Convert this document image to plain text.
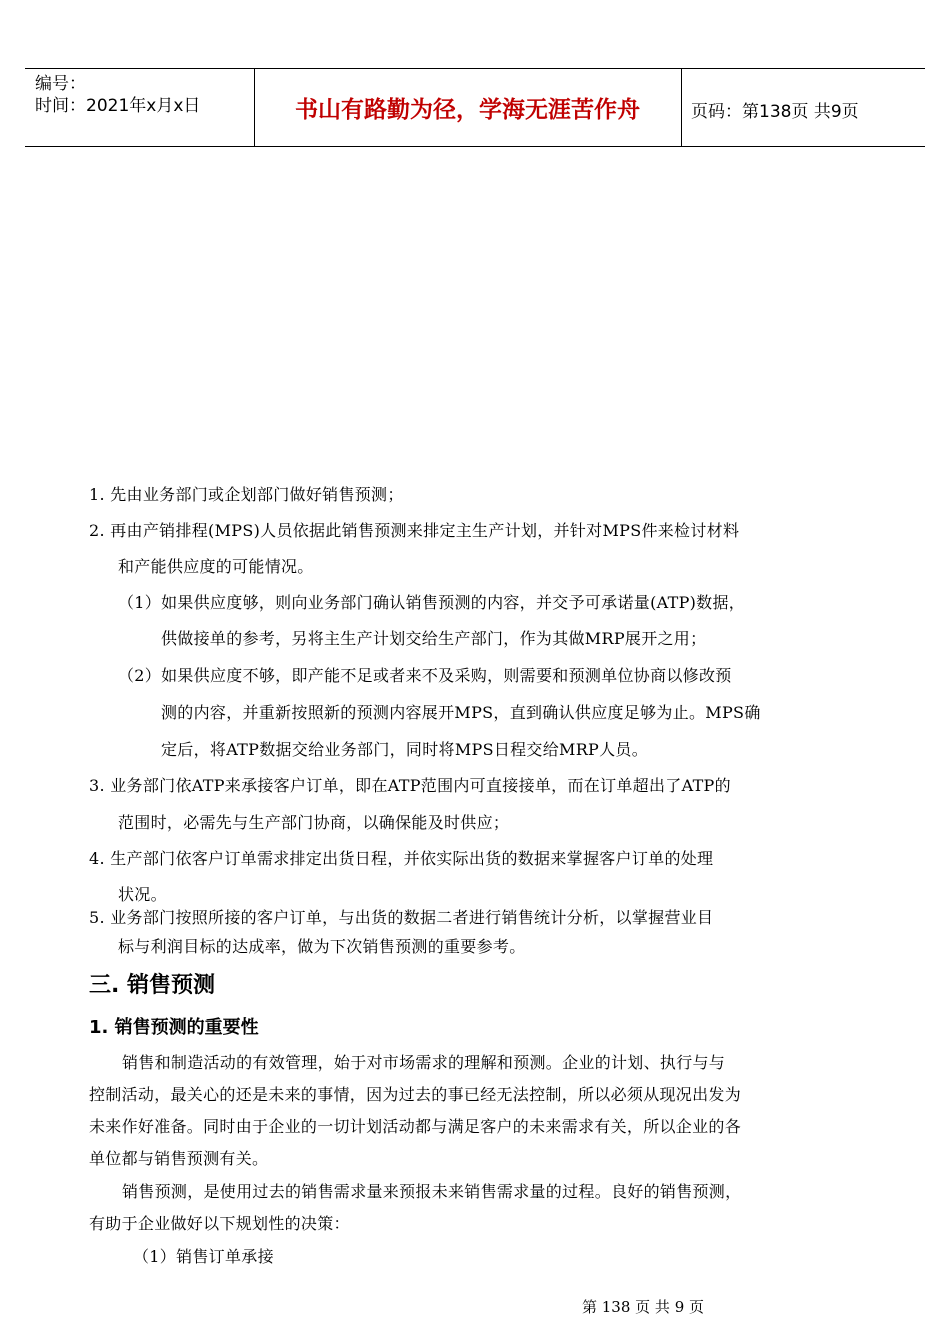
编号：
时间：2021年x月x日	书山有路勤为径，学海无涯苦作舟	页码：第138页 共9页
1. 先由业务部门或企划部门做好销售预测；
2. 再由产销排程(MPS)人员依据此销售预测来排定主生产计划，并针对MPS件来检讨材料
和产能供应度的可能情况。
（1）如果供应度够，则向业务部门确认销售预测的内容，并交予可承诺量(ATP)数据，
供做接单的参考，另将主生产计划交给生产部门，作为其做MRP展开之用；
（2）如果供应度不够，即产能不足或者来不及采购，则需要和预测单位协商以修改预
测的内容，并重新按照新的预测内容展开MPS，直到确认供应度足够为止。MPS确
定后，将ATP数据交给业务部门，同时将MPS日程交给MRP人员。
3. 业务部门依ATP来承接客户订单，即在ATP范围内可直接接单，而在订单超出了ATP的
范围时，必需先与生产部门协商，以确保能及时供应；
4. 生产部门依客户订单需求排定出货日程，并依实际出货的数据来掌握客户订单的处理
状况。
5. 业务部门按照所接的客户订单，与出货的数据二者进行销售统计分析，以掌握营业目
标与利润目标的达成率，做为下次销售预测的重要参考。
三. 销售预测
1. 销售预测的重要性
销售和制造活动的有效管理，始于对市场需求的理解和预测。企业的计划、执行与与
控制活动，最关心的还是未来的事情，因为过去的事已经无法控制，所以必须从现况出发为
未来作好准备。同时由于企业的一切计划活动都与满足客户的未来需求有关，所以企业的各
单位都与销售预测有关。
销售预测，是使用过去的销售需求量来预报未来销售需求量的过程。良好的销售预测，
有助于企业做好以下规划性的决策：
（1）销售订单承接
第 138 页 共 9 页
